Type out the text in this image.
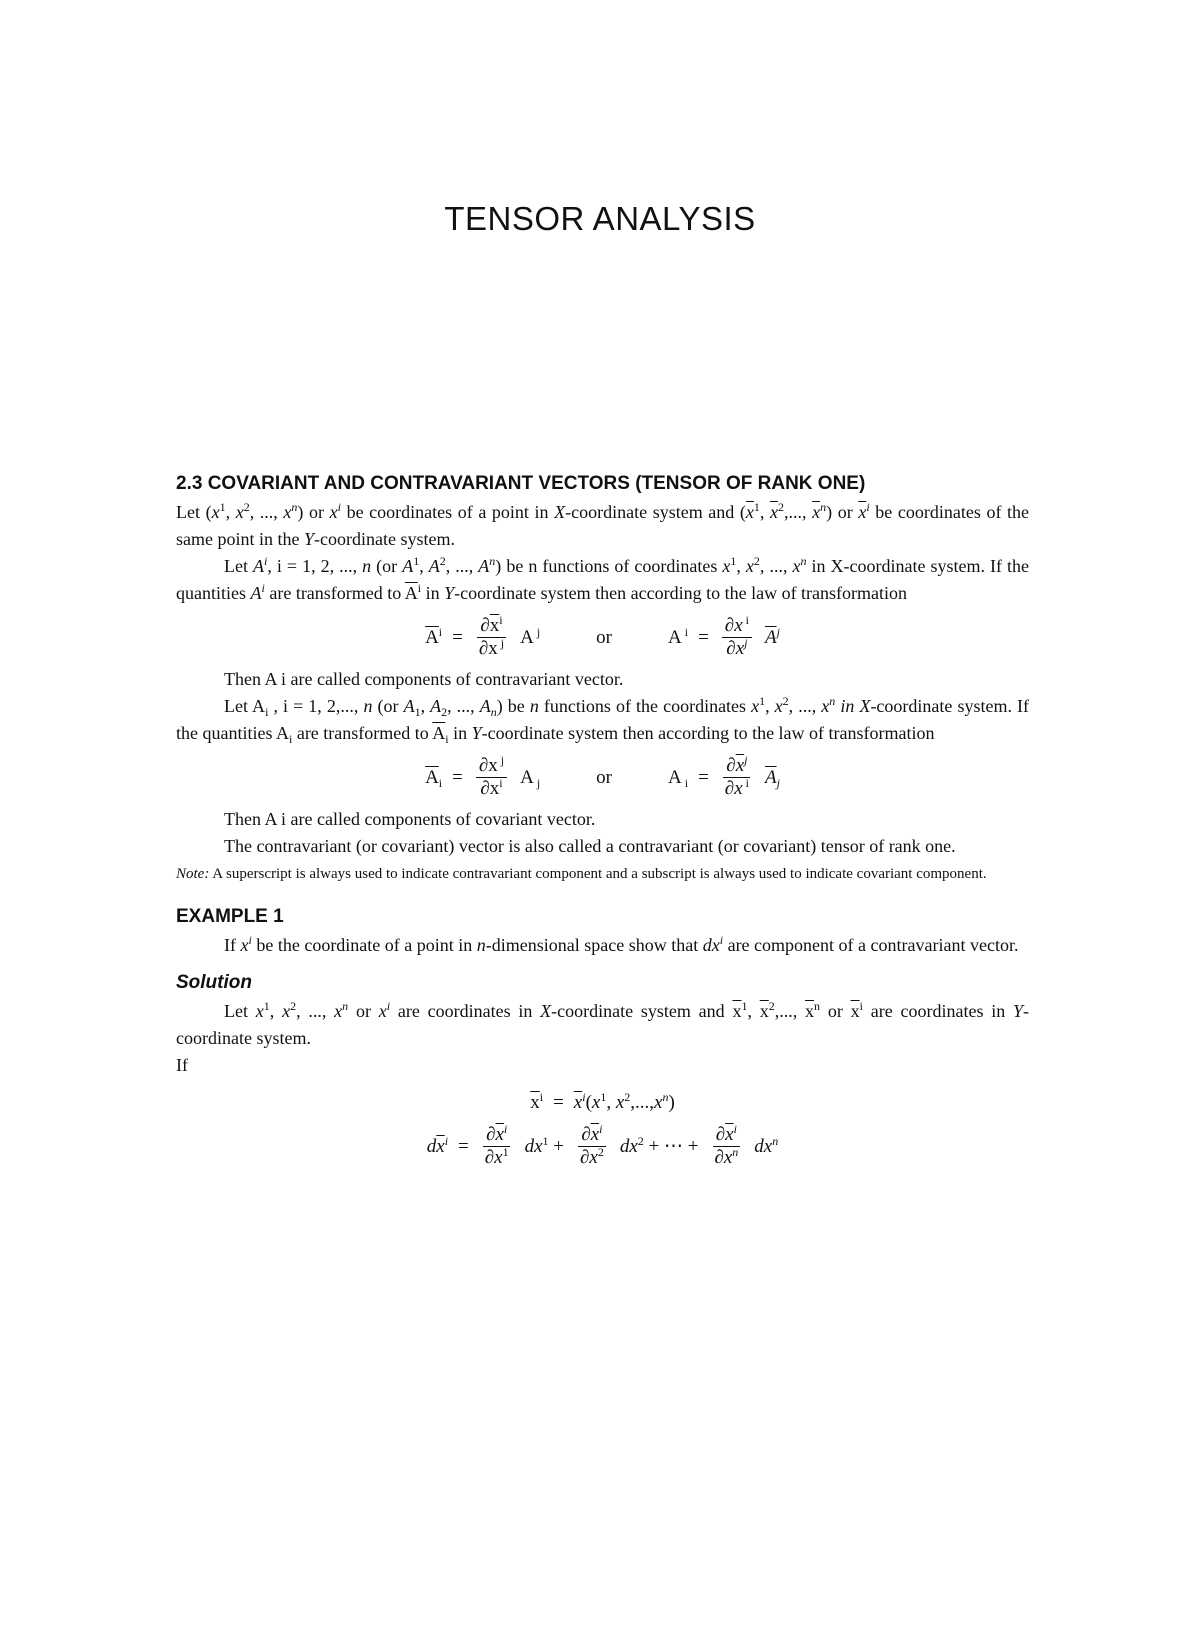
TENSOR ANALYSIS
2.3 COVARIANT AND CONTRAVARIANT VECTORS (TENSOR OF RANK ONE)

Let ($x^1$, $x^2$, ..., $x^n$) or $x^i$ be coordinates of a point in X-coordinate system and ($\overline{x}^1$, $\overline{x}^2$,..., $\overline{x}^n$) or $\overline{x}^i$ be coordinates of the same point in the Y-coordinate system.

Let $A^i$, i = 1, 2, ..., n (or $A^1$, $A^2$, ..., $A^n$) be n functions of coordinates $x^1$, $x^2$, ..., $x^n$ in X-coordinate system. If the quantities $A^i$ are transformed to $\overline{A}^i$ in Y-coordinate system then according to the law of transformation

$\overline{A}^i = \frac{\partial\overline{x}^i}{\partial x ^j}$ A $^j$	or	A $^i = \frac{\partial x ^i}{\partial\overline{x}^j} \overline{A}^j$

Then A i are called components of contravariant vector.

Let $A_i$ , i = 1, 2,..., n (or $A_1$, $A_2$, ..., $A_n$) be n functions of the coordinates $x^1$, $x^2$, ..., $x^n$ in X-coordinate system. If the quantities $A_i$ are transformed to $\overline{A}_i$ in Y-coordinate system then according to the law of transformation

$\overline{A}_i = \frac{\partial x ^j}{\partial\overline{x}^i}$ A $_j$	or	A $_i = \frac{\partial\overline{x}^j}{\partial x ^i} \overline{A}_j$

Then A i are called components of covariant vector.

The contravariant (or covariant) vector is also called a contravariant (or covariant) tensor of rank one.

Note: A superscript is always used to indicate contravariant component and a subscript is always used to indicate covariant component.

EXAMPLE 1

If $x^i$ be the coordinate of a point in n-dimensional space show that $dx^i$ are component of a contravariant vector.

Solution

Let $x^1$, $x^2$, ..., $x^n$ or $x^i$ are coordinates in X-coordinate system and $\overline{x}^1$, $\overline{x}^2$,..., $\overline{x}^n$ or $\overline{x}^i$ are coordinates in Y-coordinate system.

If

$\overline{x}^i = \overline{x}^i(x^1$, $x^2,...,x^n$)
$d\overline{x}^i = \frac{\partial\overline{x}^i}{\partial x^1} dx^1 + \frac{\partial\overline{x}^i}{\partial x^2} dx^2$ + ⋯ + $\frac{\partial\overline{x}^i}{\partial x^n} dx^n$
